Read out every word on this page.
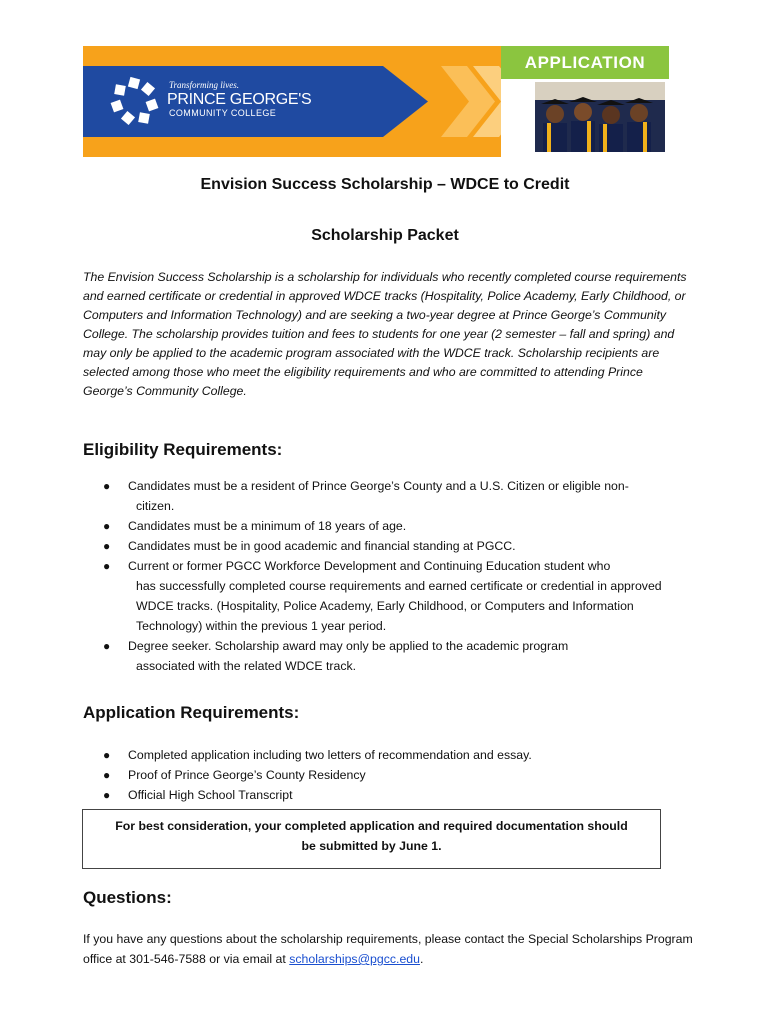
Transforming lives.
PRINCE GEORGE'S
COMMUNITY COLLEGE
APPLICATION
Envision Success Scholarship – WDCE to Credit
Scholarship Packet

The Envision Success Scholarship is a scholarship for individuals who recently completed course requirements and earned certificate or credential in approved WDCE tracks (Hospitality, Police Academy, Early Childhood, or Computers and Information Technology) and are seeking a two-year degree at Prince George’s Community College. The scholarship provides tuition and fees to students for one year (2 semester – fall and spring) and may only be applied to the academic program associated with the WDCE track. Scholarship recipients are selected among those who meet the eligibility requirements and who are committed to attending Prince George’s Community College.

Eligibility Requirements:
● Candidates must be a resident of Prince George’s County and a U.S. Citizen or eligible non-
citizen.
● Candidates must be a minimum of 18 years of age.
● Candidates must be in good academic and financial standing at PGCC.
● Current or former PGCC Workforce Development and Continuing Education student who
has successfully completed course requirements and earned certificate or credential in approved WDCE tracks. (Hospitality, Police Academy, Early Childhood, or Computers and Information Technology) within the previous 1 year period.
● Degree seeker. Scholarship award may only be applied to the academic program
associated with the related WDCE track.
Application Requirements:
● Completed application including two letters of recommendation and essay.
● Proof of Prince George’s County Residency
● Official High School Transcript
For best consideration, your completed application and required documentation should
be submitted by June 1.
Questions:

If you have any questions about the scholarship requirements, please contact the Special Scholarships Program office at 301-546-7588 or via email at scholarships@pgcc.edu.
